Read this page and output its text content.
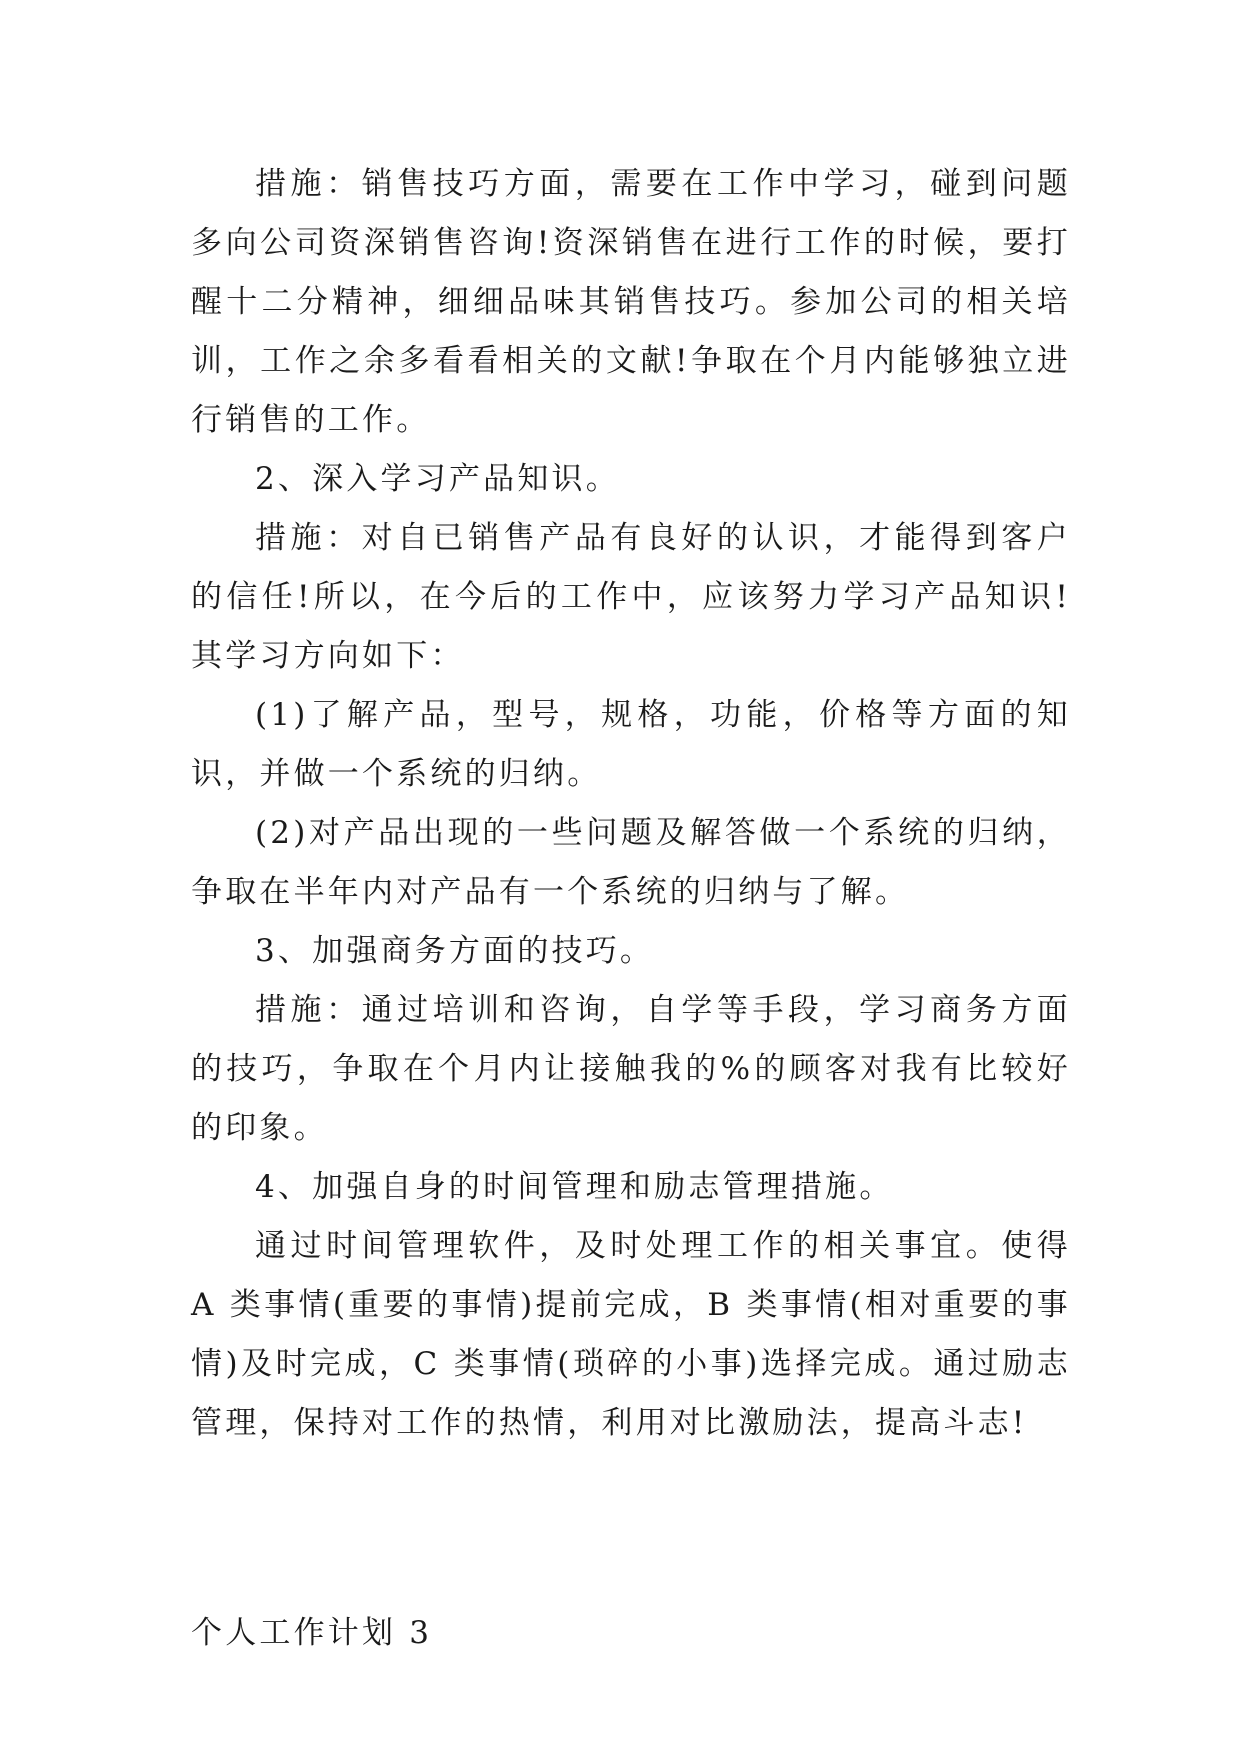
措施：销售技巧方面，需要在工作中学习，碰到问题多向公司资深销售咨询!资深销售在进行工作的时候，要打醒十二分精神，细细品味其销售技巧。参加公司的相关培训，工作之余多看看相关的文献!争取在个月内能够独立进行销售的工作。

2、深入学习产品知识。

措施：对自已销售产品有良好的认识，才能得到客户的信任!所以，在今后的工作中，应该努力学习产品知识!其学习方向如下：

(1)了解产品，型号，规格，功能，价格等方面的知识，并做一个系统的归纳。

(2)对产品出现的一些问题及解答做一个系统的归纳，争取在半年内对产品有一个系统的归纳与了解。

3、加强商务方面的技巧。

措施：通过培训和咨询，自学等手段，学习商务方面的技巧，争取在个月内让接触我的%的顾客对我有比较好的印象。

4、加强自身的时间管理和励志管理措施。

通过时间管理软件，及时处理工作的相关事宜。使得 A 类事情(重要的事情)提前完成，B 类事情(相对重要的事情)及时完成，C 类事情(琐碎的小事)选择完成。通过励志管理，保持对工作的热情，利用对比激励法，提高斗志!

个人工作计划 3
